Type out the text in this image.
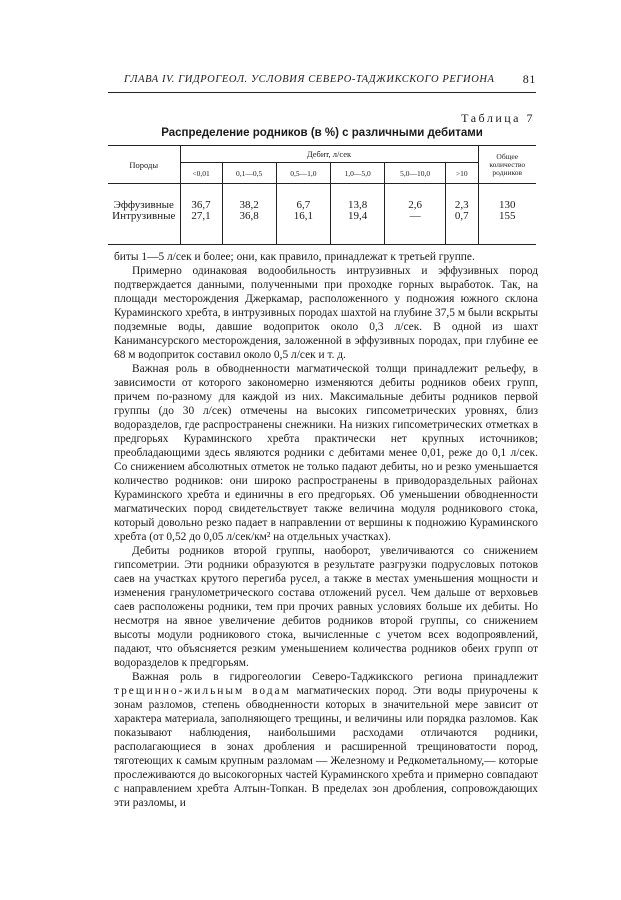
ГЛАВА IV. ГИДРОГЕОЛ. УСЛОВИЯ СЕВЕРО-ТАДЖИКСКОГО РЕГИОНА 81
Таблица 7
Распределение родников (в %) с различными дебитами
Породы	Дебит, л/сек						Общее количество родников
	<0,01	0,1—0,5	0,5—1,0	1,0—5,0	5,0—10,0	>10	
Эффузивные	36,7	38,2	6,7	13,8	2,6	2,3	130
Интрузивные	27,1	36,8	16,1	19,4	—	0,7	155

биты 1—5 л/сек и более; они, как правило, принадлежат к третьей группе.

Примерно одинаковая водообильность интрузивных и эффузивных пород подтверждается данными, полученными при проходке горных выработок. Так, на площади месторождения Джеркамар, расположенного у подножия южного склона Кураминского хребта, в интрузивных породах шахтой на глубине 37,5 м были вскрыты подземные воды, давшие водоприток около 0,3 л/сек. В одной из шахт Канимансурского месторождения, заложенной в эффузивных породах, при глубине ее 68 м водоприток составил около 0,5 л/сек и т. д.

Важная роль в обводненности магматической толщи принадлежит рельефу, в зависимости от которого закономерно изменяются дебиты родников обеих групп, причем по-разному для каждой из них. Максимальные дебиты родников первой группы (до 30 л/сек) отмечены на высоких гипсометрических уровнях, близ водоразделов, где распространены снежники. На низких гипсометрических отметках в предгорьях Кураминского хребта практически нет крупных источников; преобладающими здесь являются родники с дебитами менее 0,01, реже до 0,1 л/сек. Со снижением абсолютных отметок не только падают дебиты, но и резко уменьшается количество родников: они широко распространены в приводораздельных районах Кураминского хребта и единичны в его предгорьях. Об уменьшении обводненности магматических пород свидетельствует также величина модуля родникового стока, который довольно резко падает в направлении от вершины к подножию Кураминского хребта (от 0,52 до 0,05 л/сек/км² на отдельных участках).

Дебиты родников второй группы, наоборот, увеличиваются со снижением гипсометрии. Эти родники образуются в результате разгрузки подрусловых потоков саев на участках крутого перегиба русел, а также в местах уменьшения мощности и изменения гранулометрического состава отложений русел. Чем дальше от верховьев саев расположены родники, тем при прочих равных условиях больше их дебиты. Но несмотря на явное увеличение дебитов родников второй группы, со снижением высоты модули родникового стока, вычисленные с учетом всех водопроявлений, падают, что объясняется резким уменьшением количества родников обеих групп от водоразделов к предгорьям.

Важная роль в гидрогеологии Северо-Таджикского региона принадлежит трещинно-жильным водам магматических пород. Эти воды приурочены к зонам разломов, степень обводненности которых в значительной мере зависит от характера материала, заполняющего трещины, и величины или порядка разломов. Как показывают наблюдения, наибольшими расходами отличаются родники, располагающиеся в зонах дробления и расширенной трещиноватости пород, тяготеющих к самым крупным разломам — Железному и Редкометальному,— которые прослеживаются до высокогорных частей Кураминского хребта и примерно совпадают с направлением хребта Алтын-Топкан. В пределах зон дробления, сопровождающих эти разломы, и
